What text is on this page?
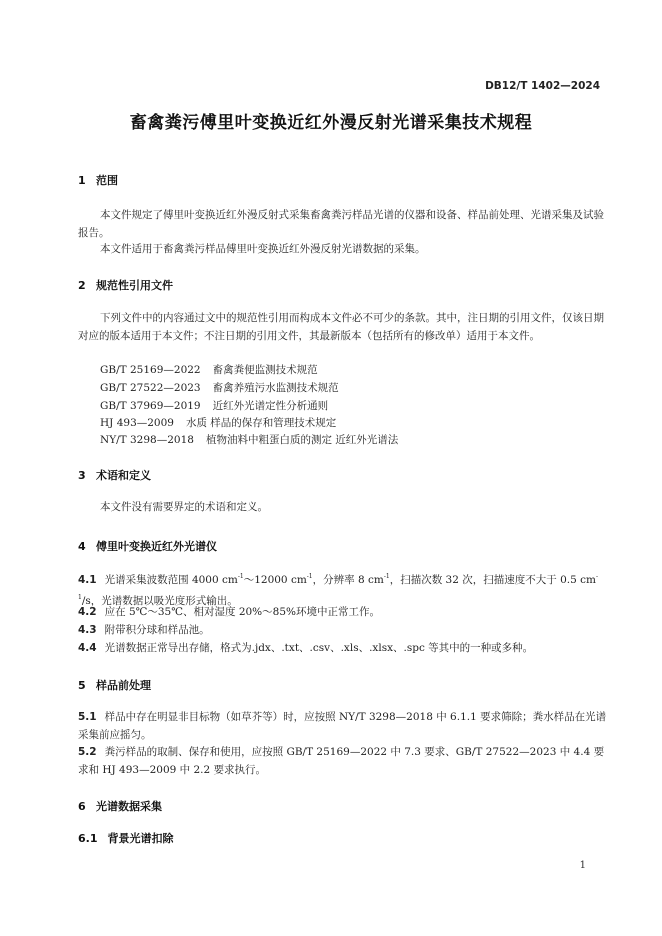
DB12/T 1402—2024
畜禽粪污傅里叶变换近红外漫反射光谱采集技术规程
1 范围
本文件规定了傅里叶变换近红外漫反射式采集畜禽粪污样品光谱的仪器和设备、样品前处理、光谱采集及试验报告。
本文件适用于畜禽粪污样品傅里叶变换近红外漫反射光谱数据的采集。
2 规范性引用文件
下列文件中的内容通过文中的规范性引用而构成本文件必不可少的条款。其中，注日期的引用文件，仅该日期对应的版本适用于本文件；不注日期的引用文件，其最新版本（包括所有的修改单）适用于本文件。
GB/T 25169—2022 畜禽粪便监测技术规范
GB/T 27522—2023 畜禽养殖污水监测技术规范
GB/T 37969—2019 近红外光谱定性分析通则
HJ 493—2009 水质 样品的保存和管理技术规定
NY/T 3298—2018 植物油料中粗蛋白质的测定 近红外光谱法
3 术语和定义
本文件没有需要界定的术语和定义。
4 傅里叶变换近红外光谱仪
4.1 光谱采集波数范围 4000 $cm^{-1}\sim 12000$ $cm^{-1}$，分辨率 8 $cm^{-1}$，扫描次数 32 次，扫描速度不大于 0.5 $cm^{-1}/s$，光谱数据以吸光度形式输出。
4.2 应在 5℃～35℃、相对湿度 20%～85%环境中正常工作。
4.3 附带积分球和样品池。
4.4 光谱数据正常导出存储，格式为.jdx、.txt、.csv、.xls、.xlsx、.spc 等其中的一种或多种。
5 样品前处理
5.1 样品中存在明显非目标物（如草芥等）时，应按照 NY/T 3298—2018 中 6.1.1 要求筛除；粪水样品在光谱采集前应摇匀。
5.2 粪污样品的取制、保存和使用，应按照 GB/T 25169—2022 中 7.3 要求、GB/T 27522—2023 中 4.4 要求和 HJ 493—2009 中 2.2 要求执行。
6 光谱数据采集
6.1 背景光谱扣除
1
